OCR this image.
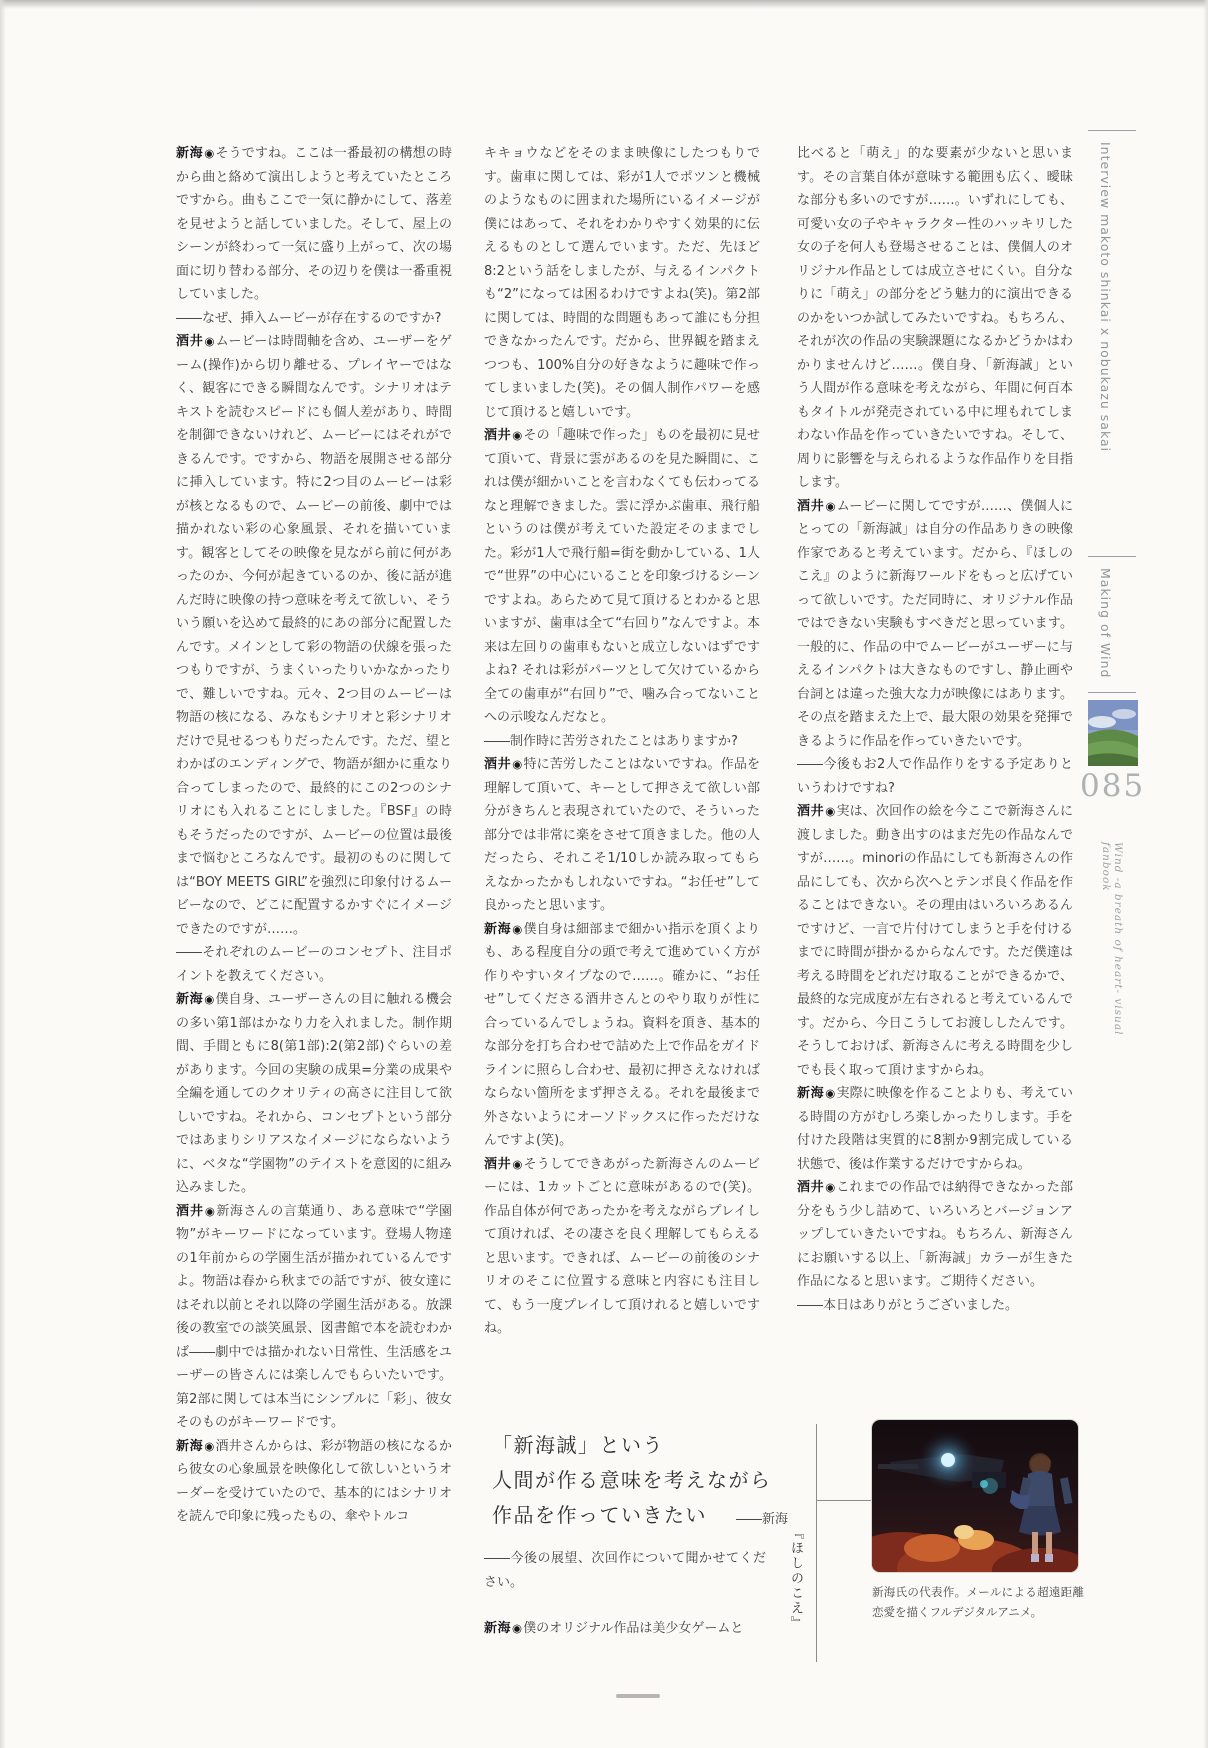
新海◉そうですね。ここは一番最初の構想の時から曲と絡めて演出しようと考えていたところですから。曲もここで一気に静かにして、落差を見せようと話していました。そして、屋上のシーンが終わって一気に盛り上がって、次の場面に切り替わる部分、その辺りを僕は一番重視していました。

――なぜ、挿入ムービーが存在するのですか?

酒井◉ムービーは時間軸を含め、ユーザーをゲーム(操作)から切り離せる、プレイヤーではなく、観客にできる瞬間なんです。シナリオはテキストを読むスピードにも個人差があり、時間を制御できないけれど、ムービーにはそれができるんです。ですから、物語を展開させる部分に挿入しています。特に2つ目のムービーは彩が核となるもので、ムービーの前後、劇中では描かれない彩の心象風景、それを描いています。観客としてその映像を見ながら前に何があったのか、今何が起きているのか、後に話が進んだ時に映像の持つ意味を考えて欲しい、そういう願いを込めて最終的にあの部分に配置したんです。メインとして彩の物語の伏線を張ったつもりですが、うまくいったりいかなかったりで、難しいですね。元々、2つ目のムービーは物語の核になる、みなもシナリオと彩シナリオだけで見せるつもりだったんです。ただ、望とわかばのエンディングで、物語が細かに重なり合ってしまったので、最終的にこの2つのシナリオにも入れることにしました。『BSF』の時もそうだったのですが、ムービーの位置は最後まで悩むところなんです。最初のものに関しては“BOY MEETS GIRL”を強烈に印象付けるムービーなので、どこに配置するかすぐにイメージできたのですが……。

――それぞれのムービーのコンセプト、注目ポイントを教えてください。

新海◉僕自身、ユーザーさんの目に触れる機会の多い第1部はかなり力を入れました。制作期間、手間ともに8(第1部):2(第2部)ぐらいの差があります。今回の実験の成果=分業の成果や全編を通してのクオリティの高さに注目して欲しいですね。それから、コンセプトという部分ではあまりシリアスなイメージにならないように、ベタな“学園物”のテイストを意図的に組み込みました。

酒井◉新海さんの言葉通り、ある意味で“学園物”がキーワードになっています。登場人物達の1年前からの学園生活が描かれているんですよ。物語は春から秋までの話ですが、彼女達にはそれ以前とそれ以降の学園生活がある。放課後の教室での談笑風景、図書館で本を読むわかば――劇中では描かれない日常性、生活感をユーザーの皆さんには楽しんでもらいたいです。第2部に関しては本当にシンプルに「彩」、彼女そのものがキーワードです。

新海◉酒井さんからは、彩が物語の核になるから彼女の心象風景を映像化して欲しいというオーダーを受けていたので、基本的にはシナリオを読んで印象に残ったもの、傘やトルコ

キキョウなどをそのまま映像にしたつもりです。歯車に関しては、彩が1人でポツンと機械のようなものに囲まれた場所にいるイメージが僕にはあって、それをわかりやすく効果的に伝えるものとして選んでいます。ただ、先ほど8:2という話をしましたが、与えるインパクトも“2”になっては困るわけですよね(笑)。第2部に関しては、時間的な問題もあって誰にも分担できなかったんです。だから、世界観を踏まえつつも、100%自分の好きなように趣味で作ってしまいました(笑)。その個人制作パワーを感じて頂けると嬉しいです。

酒井◉その「趣味で作った」ものを最初に見せて頂いて、背景に雲があるのを見た瞬間に、これは僕が細かいことを言わなくても伝わってるなと理解できました。雲に浮かぶ歯車、飛行船というのは僕が考えていた設定そのままでした。彩が1人で飛行船=街を動かしている、1人で“世界”の中心にいることを印象づけるシーンですよね。あらためて見て頂けるとわかると思いますが、歯車は全て“右回り”なんですよ。本来は左回りの歯車もないと成立しないはずですよね? それは彩がパーツとして欠けているから全ての歯車が“右回り”で、噛み合ってないことへの示唆なんだなと。

――制作時に苦労されたことはありますか?

酒井◉特に苦労したことはないですね。作品を理解して頂いて、キーとして押さえて欲しい部分がきちんと表現されていたので、そういった部分では非常に楽をさせて頂きました。他の人だったら、それこそ1/10しか読み取ってもらえなかったかもしれないですね。“お任せ”して良かったと思います。

新海◉僕自身は細部まで細かい指示を頂くよりも、ある程度自分の頭で考えて進めていく方が作りやすいタイプなので……。確かに、“お任せ”してくださる酒井さんとのやり取りが性に合っているんでしょうね。資料を頂き、基本的な部分を打ち合わせで詰めた上で作品をガイドラインに照らし合わせ、最初に押さえなければならない箇所をまず押さえる。それを最後まで外さないようにオーソドックスに作っただけなんですよ(笑)。

酒井◉そうしてできあがった新海さんのムービーには、1カットごとに意味があるので(笑)。作品自体が何であったかを考えながらプレイして頂ければ、その凄さを良く理解してもらえると思います。できれば、ムービーの前後のシナリオのそこに位置する意味と内容にも注目して、もう一度プレイして頂けれると嬉しいですね。

比べると「萌え」的な要素が少ないと思います。その言葉自体が意味する範囲も広く、曖昧な部分も多いのですが……。いずれにしても、可愛い女の子やキャラクター性のハッキリした女の子を何人も登場させることは、僕個人のオリジナル作品としては成立させにくい。自分なりに「萌え」の部分をどう魅力的に演出できるのかをいつか試してみたいですね。もちろん、それが次の作品の実験課題になるかどうかはわかりませんけど……。僕自身、「新海誠」という人間が作る意味を考えながら、年間に何百本もタイトルが発売されている中に埋もれてしまわない作品を作っていきたいですね。そして、周りに影響を与えられるような作品作りを目指します。

酒井◉ムービーに関してですが……、僕個人にとっての「新海誠」は自分の作品ありきの映像作家であると考えています。だから、『ほしのこえ』のように新海ワールドをもっと広げていって欲しいです。ただ同時に、オリジナル作品ではできない実験もすべきだと思っています。一般的に、作品の中でムービーがユーザーに与えるインパクトは大きなものですし、静止画や台詞とは違った強大な力が映像にはあります。その点を踏まえた上で、最大限の効果を発揮できるように作品を作っていきたいです。

――今後もお2人で作品作りをする予定ありというわけですね?

酒井◉実は、次回作の絵を今ここで新海さんに渡しました。動き出すのはまだ先の作品なんですが……。minoriの作品にしても新海さんの作品にしても、次から次へとテンポ良く作品を作ることはできない。その理由はいろいろあるんですけど、一言で片付けてしまうと手を付けるまでに時間が掛かるからなんです。ただ僕達は考える時間をどれだけ取ることができるかで、最終的な完成度が左右されると考えているんです。だから、今日こうしてお渡ししたんです。そうしておけば、新海さんに考える時間を少しでも長く取って頂けますからね。

新海◉実際に映像を作ることよりも、考えている時間の方がむしろ楽しかったりします。手を付けた段階は実質的に8割か9割完成している状態で、後は作業するだけですからね。

酒井◉これまでの作品では納得できなかった部分をもう少し詰めて、いろいろとバージョンアップしていきたいですね。もちろん、新海さんにお願いする以上、「新海誠」カラーが生きた作品になると思います。ご期待ください。

――本日はありがとうございました。

「新海誠」という
人間が作る意味を考えながら
作品を作っていきたい	――新海

――今後の展望、次回作について聞かせてください。

新海◉僕のオリジナル作品は美少女ゲームと	『ほしのこえ』	新海氏の代表作。メールによる超遠距離恋愛を描くフルデジタルアニメ。
Interview makoto shinkai x nobukazu sakai
Making of Wind
085
Wind -a breath of heart- visual fanbook
